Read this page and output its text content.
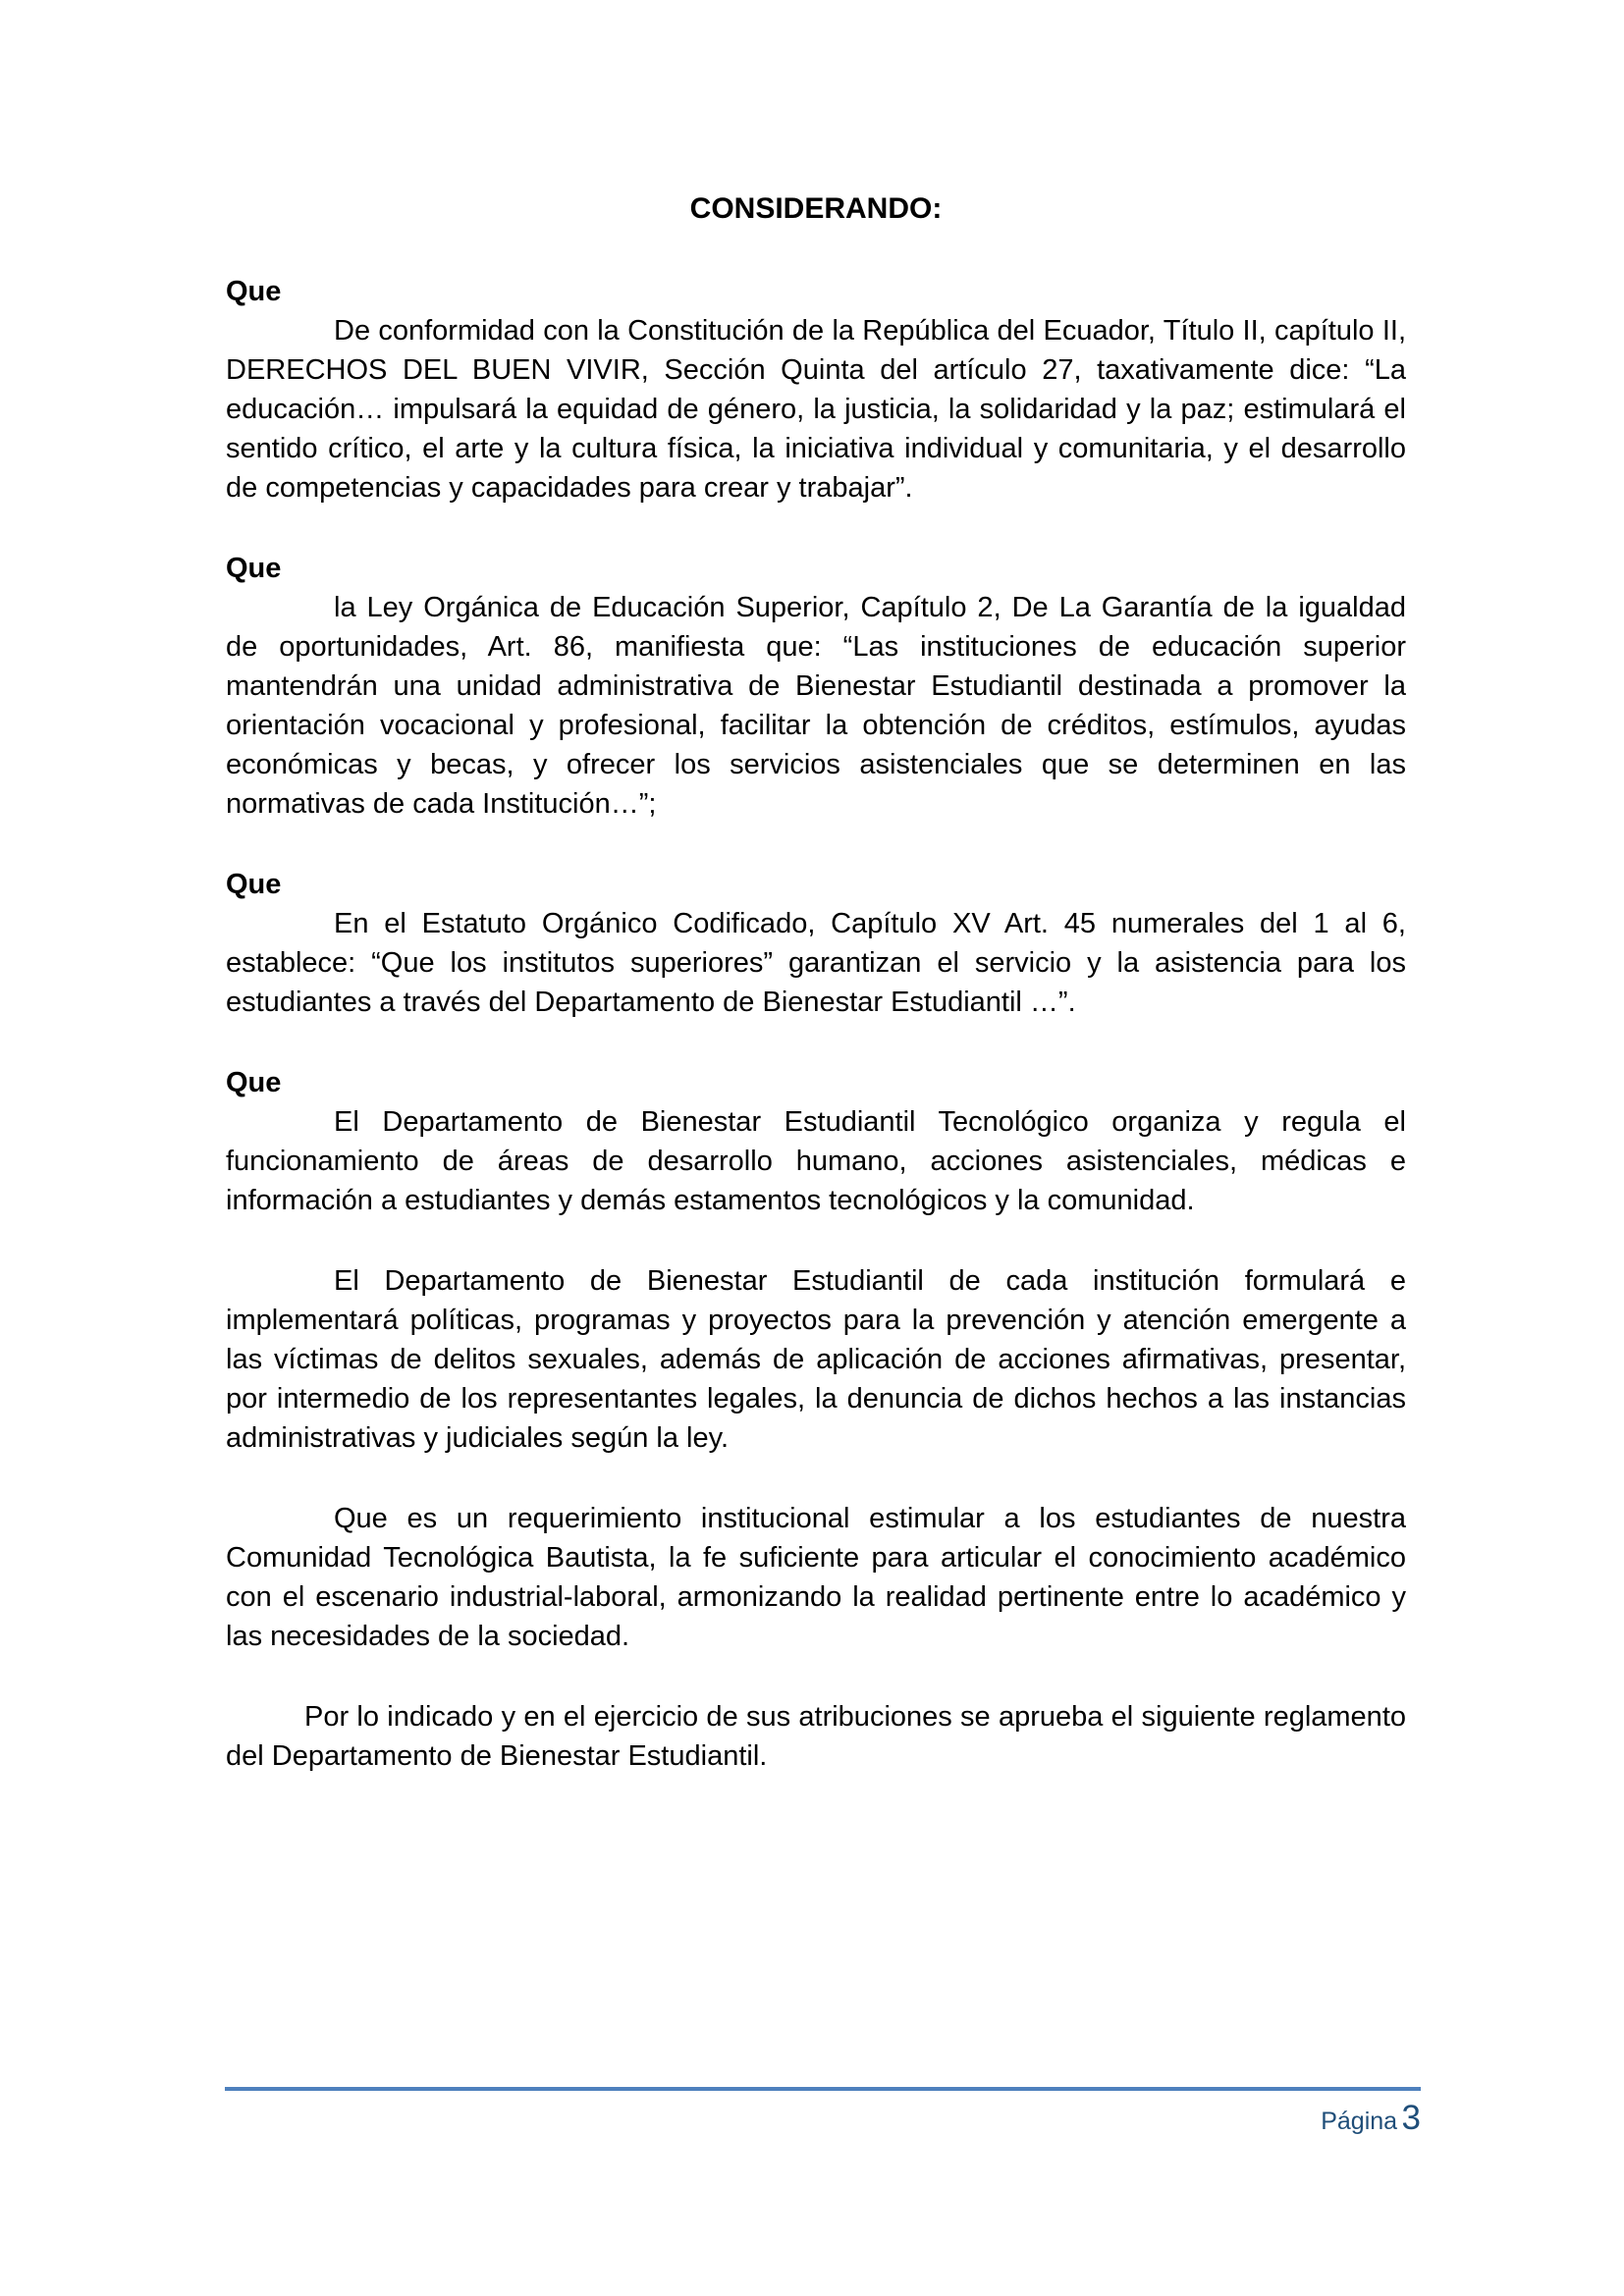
CONSIDERANDO:
Que

De conformidad con la Constitución de la República del Ecuador, Título II, capítulo II, DERECHOS DEL BUEN VIVIR, Sección Quinta del artículo 27, taxativamente dice: “La educación… impulsará la equidad de género, la justicia, la solidaridad y la paz; estimulará el sentido crítico, el arte y la cultura física, la iniciativa individual y comunitaria, y el desarrollo de competencias y capacidades para crear y trabajar”.

Que

la Ley Orgánica de Educación Superior, Capítulo 2, De La Garantía de la igualdad de oportunidades, Art. 86, manifiesta que: “Las instituciones de educación superior mantendrán una unidad administrativa de Bienestar Estudiantil destinada a promover la orientación vocacional y profesional, facilitar la obtención de créditos, estímulos, ayudas económicas y becas, y ofrecer los servicios asistenciales que se determinen en las normativas de cada Institución…”;

Que

En el Estatuto Orgánico Codificado, Capítulo XV Art. 45 numerales del 1 al 6, establece: “Que los institutos superiores” garantizan el servicio y la asistencia para los estudiantes a través del Departamento de Bienestar Estudiantil …”.

Que

El Departamento de Bienestar Estudiantil Tecnológico organiza y regula el funcionamiento de áreas de desarrollo humano, acciones asistenciales, médicas e información a estudiantes y demás estamentos tecnológicos y la comunidad.

El Departamento de Bienestar Estudiantil de cada institución formulará e implementará políticas, programas y proyectos para la prevención y atención emergente a las víctimas de delitos sexuales, además de aplicación de acciones afirmativas, presentar, por intermedio de los representantes legales, la denuncia de dichos hechos a las instancias administrativas y judiciales según la ley.

Que es un requerimiento institucional estimular a los estudiantes de nuestra Comunidad Tecnológica Bautista, la fe suficiente para articular el conocimiento académico con el escenario industrial-laboral, armonizando la realidad pertinente entre lo académico y las necesidades de la sociedad.

Por lo indicado y en el ejercicio de sus atribuciones se aprueba el siguiente reglamento del Departamento de Bienestar Estudiantil.

Página 3
